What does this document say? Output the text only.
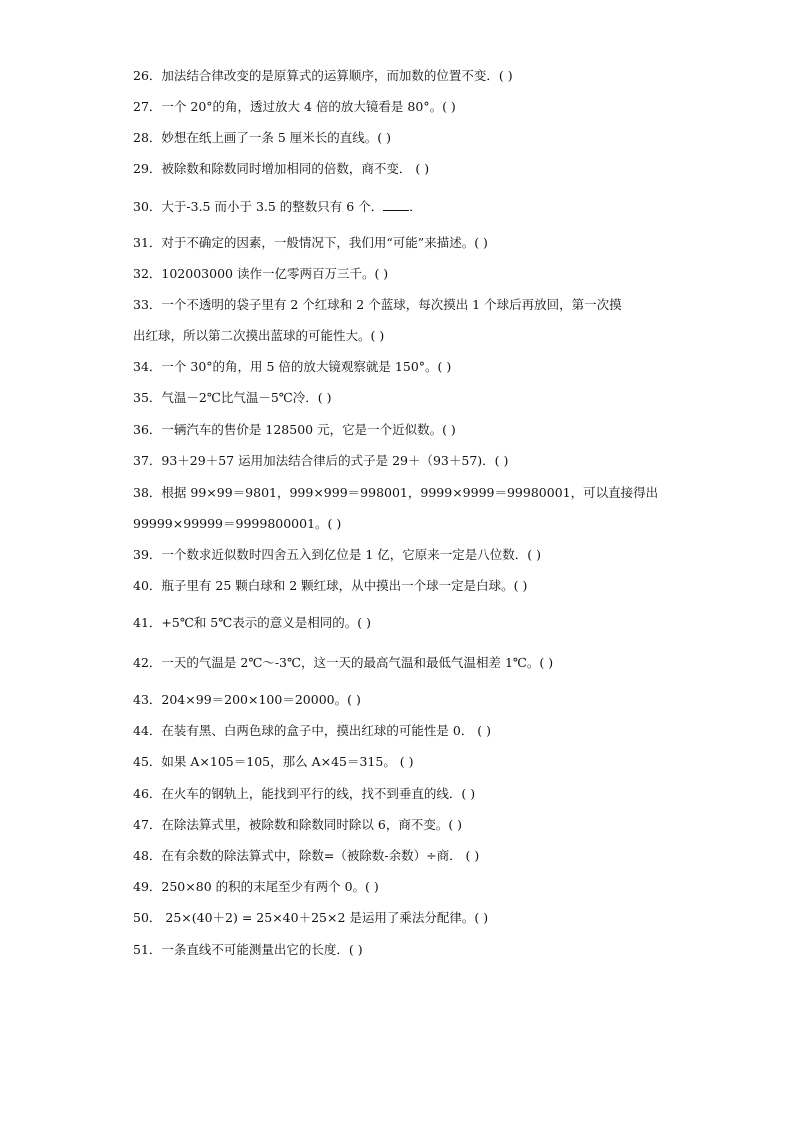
26．加法结合律改变的是原算式的运算顺序，而加数的位置不变．( )
27．一个 20°的角，透过放大 4 倍的放大镜看是 80°。( )
28．妙想在纸上画了一条 5 厘米长的直线。( )
29．被除数和除数同时增加相同的倍数，商不变． ( )
30．大于-3.5 而小于 3.5 的整数只有 6 个． ．
31．对于不确定的因素，一般情况下，我们用“可能”来描述。( )
32．102003000 读作一亿零两百万三千。( )
33．一个不透明的袋子里有 2 个红球和 2 个蓝球，每次摸出 1 个球后再放回，第一次摸
出红球，所以第二次摸出蓝球的可能性大。( )
34．一个 30°的角，用 5 倍的放大镜观察就是 150°。( )
35．气温－2℃比气温－5℃冷．( )
36．一辆汽车的售价是 128500 元，它是一个近似数。( )
37．93＋29＋57 运用加法结合律后的式子是 29＋（93＋57)．( )
38．根据 99×99＝9801，999×999＝998001，9999×9999＝99980001，可以直接得出
99999×99999＝9999800001。( )
39．一个数求近似数时四舍五入到亿位是 1 亿，它原来一定是八位数．( )
40．瓶子里有 25 颗白球和 2 颗红球，从中摸出一个球一定是白球。( )
41．+5℃和 5℃表示的意义是相同的。( )
42．一天的气温是 2℃～-3℃，这一天的最高气温和最低气温相差 1℃。( )
43．204×99＝200×100＝20000。( )
44．在装有黑、白两色球的盒子中，摸出红球的可能性是 0． ( )
45．如果 A×105＝105，那么 A×45＝315。 ( )
46．在火车的钢轨上，能找到平行的线，找不到垂直的线．( )
47．在除法算式里，被除数和除数同时除以 6，商不变。( )
48．在有余数的除法算式中，除数=（被除数-余数）÷商． ( )
49．250×80 的积的末尾至少有两个 0。( )
50． 25×(40＋2) = 25×40＋25×2 是运用了乘法分配律。( )
51．一条直线不可能测量出它的长度．( )
